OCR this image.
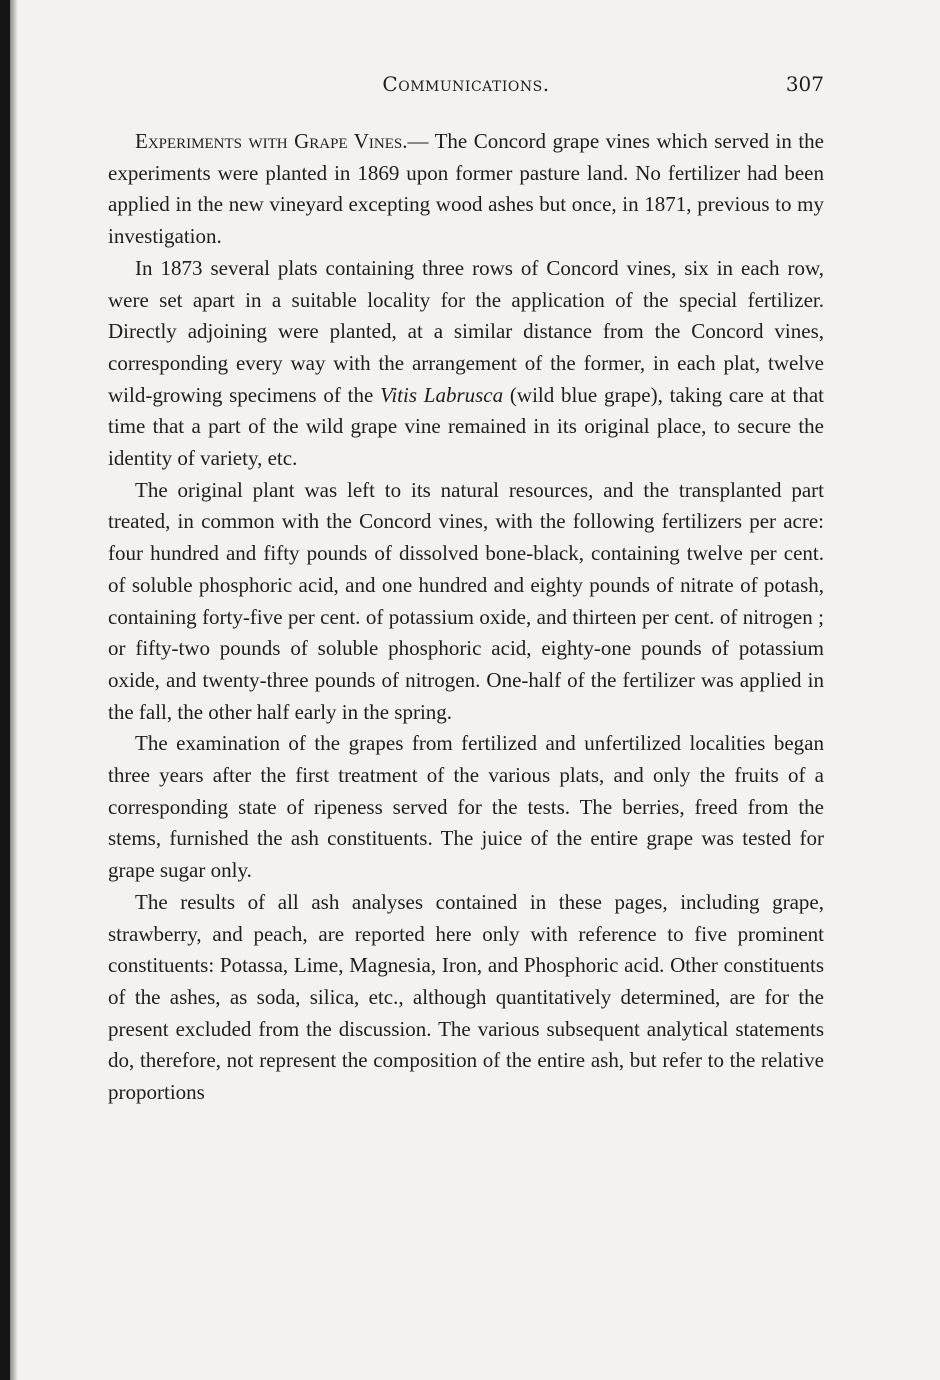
Communications.	307

Experiments with Grape Vines.— The Concord grape vines which served in the experiments were planted in 1869 upon former pasture land. No fertilizer had been applied in the new vineyard excepting wood ashes but once, in 1871, previous to my investigation.

In 1873 several plats containing three rows of Concord vines, six in each row, were set apart in a suitable locality for the application of the special fertilizer. Directly adjoining were planted, at a similar distance from the Concord vines, corresponding every way with the arrangement of the former, in each plat, twelve wild-growing specimens of the Vitis Labrusca (wild blue grape), taking care at that time that a part of the wild grape vine remained in its original place, to secure the identity of variety, etc.

The original plant was left to its natural resources, and the transplanted part treated, in common with the Concord vines, with the following fertilizers per acre: four hundred and fifty pounds of dissolved bone-black, containing twelve per cent. of soluble phosphoric acid, and one hundred and eighty pounds of nitrate of potash, containing forty-five per cent. of potassium oxide, and thirteen per cent. of nitrogen ; or fifty-two pounds of soluble phosphoric acid, eighty-one pounds of potassium oxide, and twenty-three pounds of nitrogen. One-half of the fertilizer was applied in the fall, the other half early in the spring.

The examination of the grapes from fertilized and unfertilized localities began three years after the first treatment of the various plats, and only the fruits of a corresponding state of ripeness served for the tests. The berries, freed from the stems, furnished the ash constituents. The juice of the entire grape was tested for grape sugar only.

The results of all ash analyses contained in these pages, including grape, strawberry, and peach, are reported here only with reference to five prominent constituents: Potassa, Lime, Magnesia, Iron, and Phosphoric acid. Other constituents of the ashes, as soda, silica, etc., although quantitatively determined, are for the present excluded from the discussion. The various subsequent analytical statements do, therefore, not represent the composition of the entire ash, but refer to the relative proportions
